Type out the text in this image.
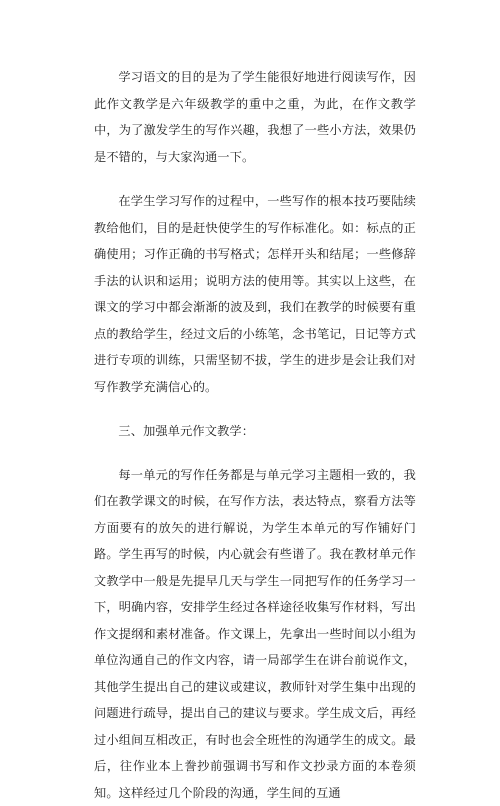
学习语文的目的是为了学生能很好地进行阅读写作，因此作文教学是六年级教学的重中之重，为此，在作文教学中，为了激发学生的写作兴趣，我想了一些小方法，效果仍是不错的，与大家沟通一下。

在学生学习写作的过程中，一些写作的根本技巧要陆续教给他们，目的是赶快使学生的写作标准化。如：标点的正确使用；习作正确的书写格式；怎样开头和结尾；一些修辞手法的认识和运用；说明方法的使用等。其实以上这些，在课文的学习中都会渐渐的波及到，我们在教学的时候要有重点的教给学生，经过文后的小练笔，念书笔记，日记等方式进行专项的训练，只需坚韧不拔，学生的进步是会让我们对写作教学充满信心的。

三、加强单元作文教学：

每一单元的写作任务都是与单元学习主题相一致的，我们在教学课文的时候，在写作方法，表达特点，察看方法等方面要有的放矢的进行解说，为学生本单元的写作铺好门路。学生再写的时候，内心就会有些谱了。我在教材单元作文教学中一般是先提早几天与学生一同把写作的任务学习一下，明确内容，安排学生经过各样途径收集写作材料，写出作文提纲和素材准备。作文课上，先拿出一些时间以小组为单位沟通自己的作文内容，请一局部学生在讲台前说作文，其他学生提出自己的建议或建议，教师针对学生集中出现的问题进行疏导，提出自己的建议与要求。学生成文后，再经过小组间互相改正，有时也会全班性的沟通学生的成文。最后，往作业本上誊抄前强调书写和作文抄录方面的本卷须知。这样经过几个阶段的沟通，学生间的互通
